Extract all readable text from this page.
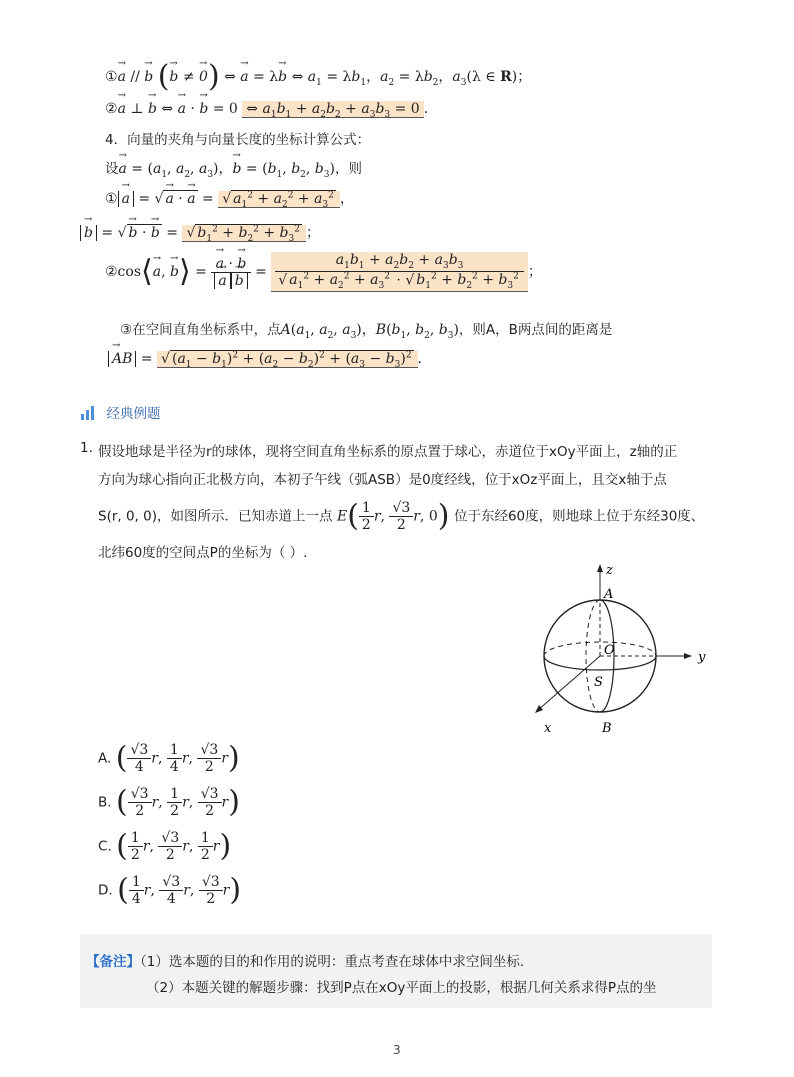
①→ a // → b (→ b ≠ → 0) ⇔ → a = λ→ b ⇔ $a_1 = \lambda b_1$，$a_2 = \lambda b_2$，$a_3(\lambda$ ∈ R)；
②→ a ⊥ → b ⇔ → a · → b = 0 ⇔ $a_1b_1 + a_2b_2 + a_3b_3 = 0$ ．
4．向量的夹角与向量长度的坐标计算公式：
设→ $a = (a_1$, $a_2$, $a_3$)，→ $b = (b_1$, $b_2$, $b_3$)，则
① → a = √ → a · → a = √ $a_1^2 + a_2^2 + a_3^2$ ，
→ b = √ → b · → b = √ $b_1^2 + b_2^2 + b_3^2$ ；
②cos⟨→ a, → b⟩ = → a · → b
→ $a \to b = \frac{a_1b_1 + a_2b_2 + a_3b_3}{√ a_1^2 + a_2^2 + a_3^2 \cdot √ b_1^2 + b_2^2 + b_3^2}$ ；
③在空间直角坐标系中，点$A(a_1$, $a_2$, $a_3$)，$B(b_1$, $b_2$, $b_3$)，则A，B两点间的距离是
→ AB = √ $(a_1 - b_1)^2 + (a_2 - b_2)^2 + (a_3 - b_3)^2$ ．
经典例题
1. 假设地球是半径为r的球体，现将空间直角坐标系的原点置于球心，赤道位于xOy平面上，z轴的正
方向为球心指向正北极方向，本初子午线（弧ASB）是0度经线，位于xOz平面上，且交x轴于点
S(r, 0, 0)，如图所示．已知赤道上一点 $E( \frac{1}{2} r$, $\frac{√3}{2} r$, 0) 位于东经60度，则地球上位于东经30度、
北纬60度的空间点P的坐标为（ ）.
z
A
O	y
S
x	B
A. ( $\frac{√3}{4} r$, $\frac{1}{4} r$, $\frac{√3}{2} r$)
B. ( $\frac{√3}{2} r$, $\frac{1}{2} r$, $\frac{√3}{2} r$)
C. ( $\frac{1}{2} r$, $\frac{√3}{2} r$, $\frac{1}{2} r$)
D. ( $\frac{1}{4} r$, $\frac{√3}{4} r$, $\frac{√3}{2} r$)
【备注】（1）选本题的目的和作用的说明：重点考查在球体中求空间坐标．
（2）本题关键的解题步骤：找到P点在xOy平面上的投影，根据几何关系求得P点的坐
3
